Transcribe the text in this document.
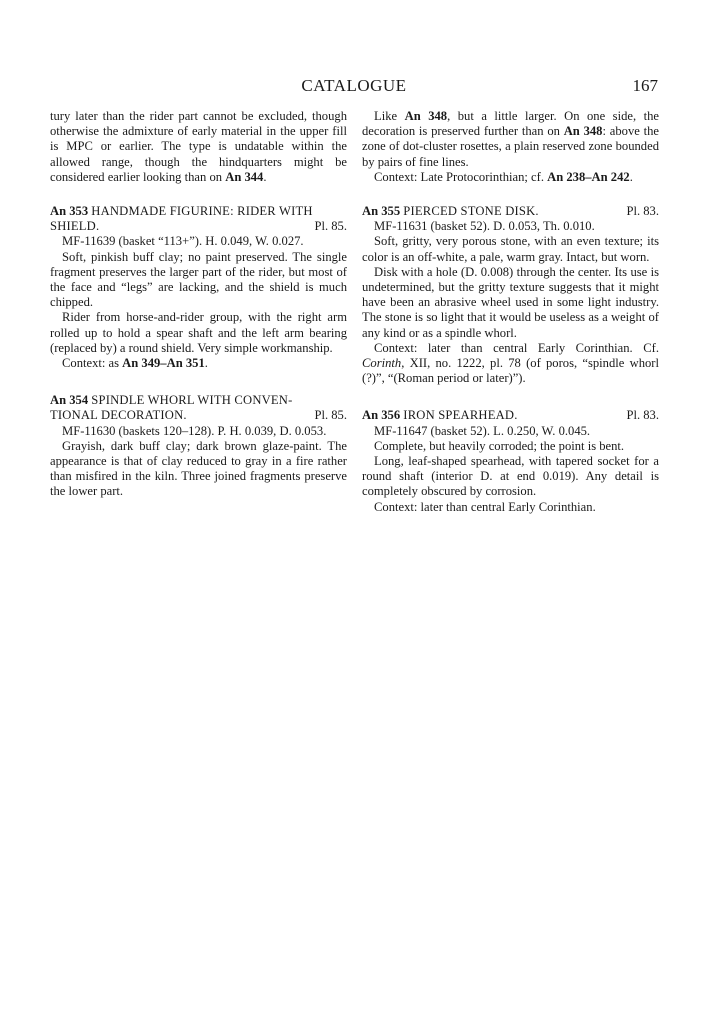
CATALOGUE	167

tury later than the rider part cannot be excluded, though otherwise the admixture of early material in the upper fill is MPC or earlier. The type is undatable within the allowed range, though the hindquarters might be considered earlier looking than on An 344.

An 353 HANDMADE FIGURINE: RIDER WITH
SHIELD.	Pl. 85.

MF-11639 (basket “113+”). H. 0.049, W. 0.027.

Soft, pinkish buff clay; no paint preserved. The single fragment preserves the larger part of the rider, but most of the face and “legs” are lacking, and the shield is much chipped.

Rider from horse-and-rider group, with the right arm rolled up to hold a spear shaft and the left arm bearing (replaced by) a round shield. Very simple workmanship.

Context: as An 349–An 351.

An 354 SPINDLE WHORL WITH CONVEN-
TIONAL DECORATION.	Pl. 85.

MF-11630 (baskets 120–128). P. H. 0.039, D. 0.053.

Grayish, dark buff clay; dark brown glaze-paint. The appearance is that of clay reduced to gray in a fire rather than misfired in the kiln. Three joined fragments preserve the lower part.

Like An 348, but a little larger. On one side, the decoration is preserved further than on An 348: above the zone of dot-cluster rosettes, a plain reserved zone bounded by pairs of fine lines.

Context: Late Protocorinthian; cf. An 238–An 242.

An 355 PIERCED STONE DISK.	Pl. 83.

MF-11631 (basket 52). D. 0.053, Th. 0.010.

Soft, gritty, very porous stone, with an even texture; its color is an off-white, a pale, warm gray. Intact, but worn.

Disk with a hole (D. 0.008) through the center. Its use is undetermined, but the gritty texture suggests that it might have been an abrasive wheel used in some light industry. The stone is so light that it would be useless as a weight of any kind or as a spindle whorl.

Context: later than central Early Corinthian. Cf. Corinth, XII, no. 1222, pl. 78 (of poros, “spindle whorl (?)”, “(Roman period or later)”).

An 356 IRON SPEARHEAD.	Pl. 83.

MF-11647 (basket 52). L. 0.250, W. 0.045.

Complete, but heavily corroded; the point is bent.

Long, leaf-shaped spearhead, with tapered socket for a round shaft (interior D. at end 0.019). Any detail is completely obscured by corrosion.

Context: later than central Early Corinthian.
